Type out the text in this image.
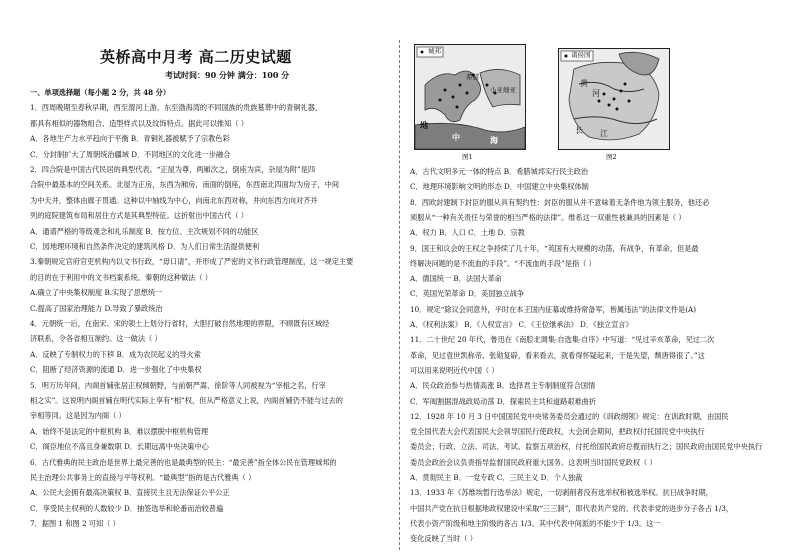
英桥高中月考 高二历史试题
考试时间：90 分钟 满分：100 分
一、单项选择题（每小题 2 分，共 48 分）
1．西周晚期至春秋早期，西至渭河上游、东至渤海湾的不同国族的贵族墓葬中的青铜礼器，
都具有相似的器物组合、造型样式以及纹饰特点。据此可以推知（ ）
A．各地生产力水平趋向于平衡 B．青铜礼器被赋予了宗教色彩
C．分封制扩大了周朝统治疆域 D．不同地区的文化进一步融合
2．四合院是中国古代民居的典型代表。“正屋为尊，两厢次之，倒座为宾，杂屋为附”是四
合院中最基本的空间关系。北屋为正房，东西为厢房，南面的倒座，东西南北四面均为房子，中间
为中天井，整体由廊子贯通。这种以中轴线为中心，向南北东西对称，并向东西方向对齐并
列的庭院建筑布局和居住方式是其典型特征。这折射出中国古代（ ）
A．通谱严格的等级观念和礼乐制度 B．按方位、主次规划不同的功能区
C．园地理环境和自然条件决定的建筑风格 D．为人们日常生活提供便利
3.秦朝规定官府官吏机构内以文书行政，“毋口请”，并形成了严密的文书行政管理制度，这一规定主要
的目的在于利用中的文书档案系统。秦朝的这种做法（ ）
A.确立了中央集权制度 B.实现了思想统一
C.提高了国家治理能力 D.导致了暴政统治
4．元朝统一后，在南宋、宋的领土上划分行省时，大胆打破自然地理的界限，不顾既有区域经
济联系，令各省相互制约。这一做法（ ）
A．反映了专制权力的下移 B．成为农民起义的导火索
C．阻断了经济资源的流通 D．进一步强化了中央集权
5．明万历年间，内阁首辅张居正权倾朝野，与前朝严嵩、徐阶等人同被视为“宰相之名，行宰
相之实”。这说明内阁首辅在明代实际上享有“相”权，但从严格意义上说，内阁首辅仍不能与过去的
宰相等同。这是因为内阁（ ）
A．始终不是法定的中枢机构 B．难以摆脱中枢机构管理
C．阁臣地位不高且身兼数职 D．长期远离中央决策中心
6．古代雅典的民主政治是世界上最完善的也是最典型的民主：“最完善”指全体公民在管理城邦的
民主治理公共事务上的直接与平等权利。“最典型”指的是古代雅典（ ）
A．公民大会拥有最高决策权 B．直接民主且无法保证公平公正
C．享受民主权利的人数较少 D．抽签选举和轮番而治较普遍
7．据图 1 和图 2 可知（ ）
城邦
希腊
小亚细亚
地
中	海
图1
诸侯国
黄
河
长 江
图2
A．古代文明多元一体的特点 B．希腊城邦实行民主政治
C．地理环境影响文明的形态 D．中国建立中央集权体制
8．西欧封建制下封臣的服从具有契约性：封臣的服从并不意味着无条件地为领主服务，他还必
须服从“一种有关责任与荣誉的相当严格的法律”。维系这一双重性被兼具的因素是（ ）
A．权力 B．人口 C．土地 D．宗教
9．国王和议会的王权之争持续了几十年，“英国有大规模的动荡，有战争，有革命，但是最
终解决问题的是不流血的手段”。“不流血的手段”是指（ ）
A．德国统一 B．法国大革命
C．英国光荣革命 D．美国独立战争
10．规定“除议会同意外，平时在本王国内征募或维持常备军，皆属违法”的法律文件是(A)
A．《权利法案》 B．《人权宣言》 C．《王位继承法》 D．《独立宣言》
11．二十世纪 20 年代，鲁迅在《南腔北调集·自选集·自序》中写道：“见过辛亥革命，见过二次
革命，见过袁世凯称帝、张勋复辟，看来看去，就看得怀疑起来，于是失望，颓唐得很了。”这
可以用来说明近代中国（ ）
A．民众政治参与热情高涨 B．选择君主专制制度符合国情
C．军阀割据混战政局动荡 D．探索民主共和道路艰难曲折
12．1928 年 10 月 3 日中国国民党中央常务委员会通过的《训政纲领》规定：在训政时期，由国民
党全国代表大会代表国民大会领导国民行使政权，大会闭会期间，把政权付托国民党中央执行
委员会；行政、立法、司法、考试、监察五项治权，付托给国民政府总揽而执行之；国民政府由国民党中央执行
委员会政治会议负责指导监督国民政府重大国务。这表明当时国民党政权（ ）
A．贯彻民主 B．一党专政 C．三民主义 D．个人独裁
13．1933 年《苏维埃暂行选举法》规定，一切剥削者没有选举权和被选举权。抗日战争时期，
中国共产党在抗日根据地政权建设中采取“三三制”，即代表共产党的、代表非党的进步分子各占 1/3，
代表小资产阶级和地主阶级的各占 1/3。其中代表中间派的不能少于 1/3。这一
变化反映了当时（ ）
